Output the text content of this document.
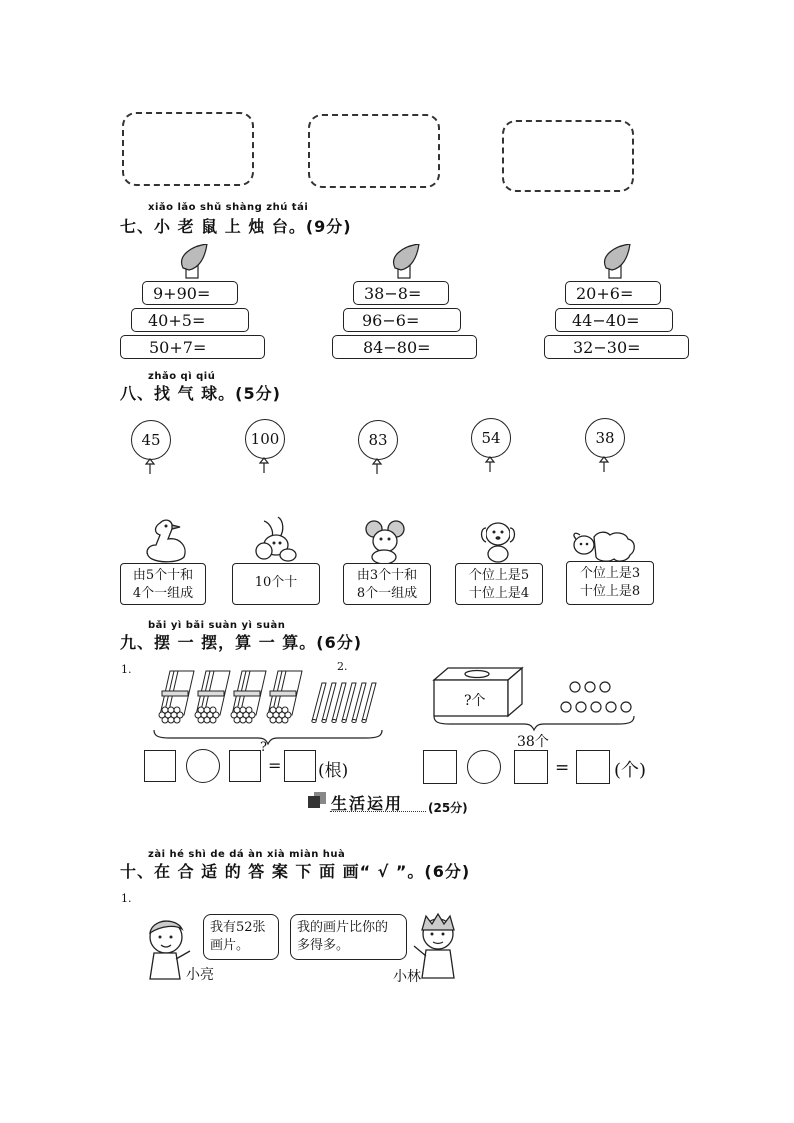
xiǎo lǎo shǔ shàng zhú tái
七、小 老 鼠 上 烛 台。(9分)
9+90=
40+5=
50+7=
38−8=
96−6=
84−80=
20+6=
44−40=
32−30=
zhǎo qì qiú
八、找 气 球。(5分)
45	100	83	54	38
由5个十和
4个一组成
10个十	由3个十和
8个一组成
个位上是5
十位上是4
个位上是3
十位上是8
bǎi yì bǎi suàn yì suàn
九、摆 一 摆，算 一 算。(6分)
1.	2.
?
?个
38个
= (根)	= (个)
生活运用 (25分)
zài hé shì de dá àn xià miàn huà
十、在 合 适 的 答 案 下 面 画“ √ ”。(6分)
1.
我有52张画片。
我的画片比你的多得多。
小亮	小林
